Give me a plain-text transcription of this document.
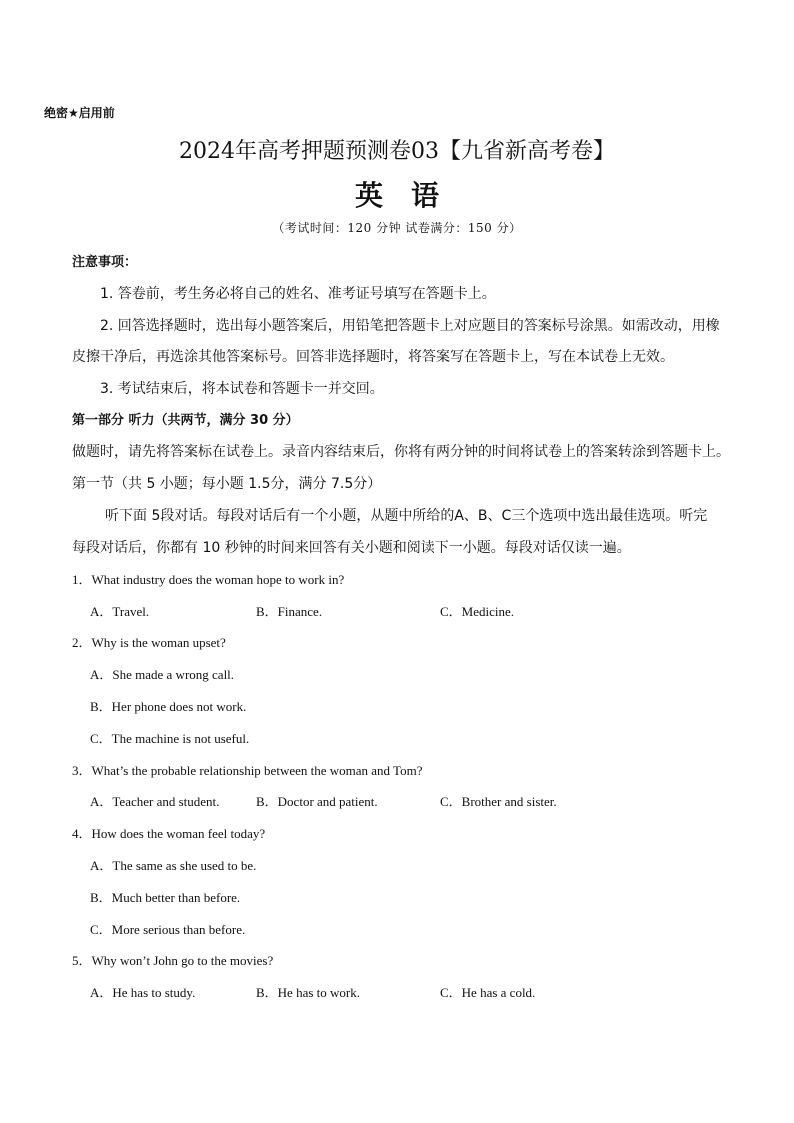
绝密★启用前
2024年高考押题预测卷03【九省新高考卷】
英语
（考试时间：120 分钟 试卷满分：150 分）
注意事项：
1. 答卷前，考生务必将自己的姓名、准考证号填写在答题卡上。
2. 回答选择题时，选出每小题答案后，用铅笔把答题卡上对应题目的答案标号涂黑。如需改动，用橡
皮擦干净后，再选涂其他答案标号。回答非选择题时，将答案写在答题卡上，写在本试卷上无效。
3. 考试结束后，将本试卷和答题卡一并交回。
第一部分 听力（共两节，满分 30 分）
做题时，请先将答案标在试卷上。录音内容结束后，你将有两分钟的时间将试卷上的答案转涂到答题卡上。
第一节（共 5 小题；每小题 1.5分，满分 7.5分）
听下面 5段对话。每段对话后有一个小题，从题中所给的A、B、C三个选项中选出最佳选项。听完
每段对话后，你都有 10 秒钟的时间来回答有关小题和阅读下一小题。每段对话仅读一遍。
1．What industry does the woman hope to work in?
A．Travel.	B．Finance.	C．Medicine.
2．Why is the woman upset?
A．She made a wrong call.
B．Her phone does not work.
C．The machine is not useful.
3．What’s the probable relationship between the woman and Tom?
A．Teacher and student.	B．Doctor and patient.	C．Brother and sister.
4．How does the woman feel today?
A．The same as she used to be.
B．Much better than before.
C．More serious than before.
5．Why won’t John go to the movies?
A．He has to study.	B．He has to work.	C．He has a cold.
